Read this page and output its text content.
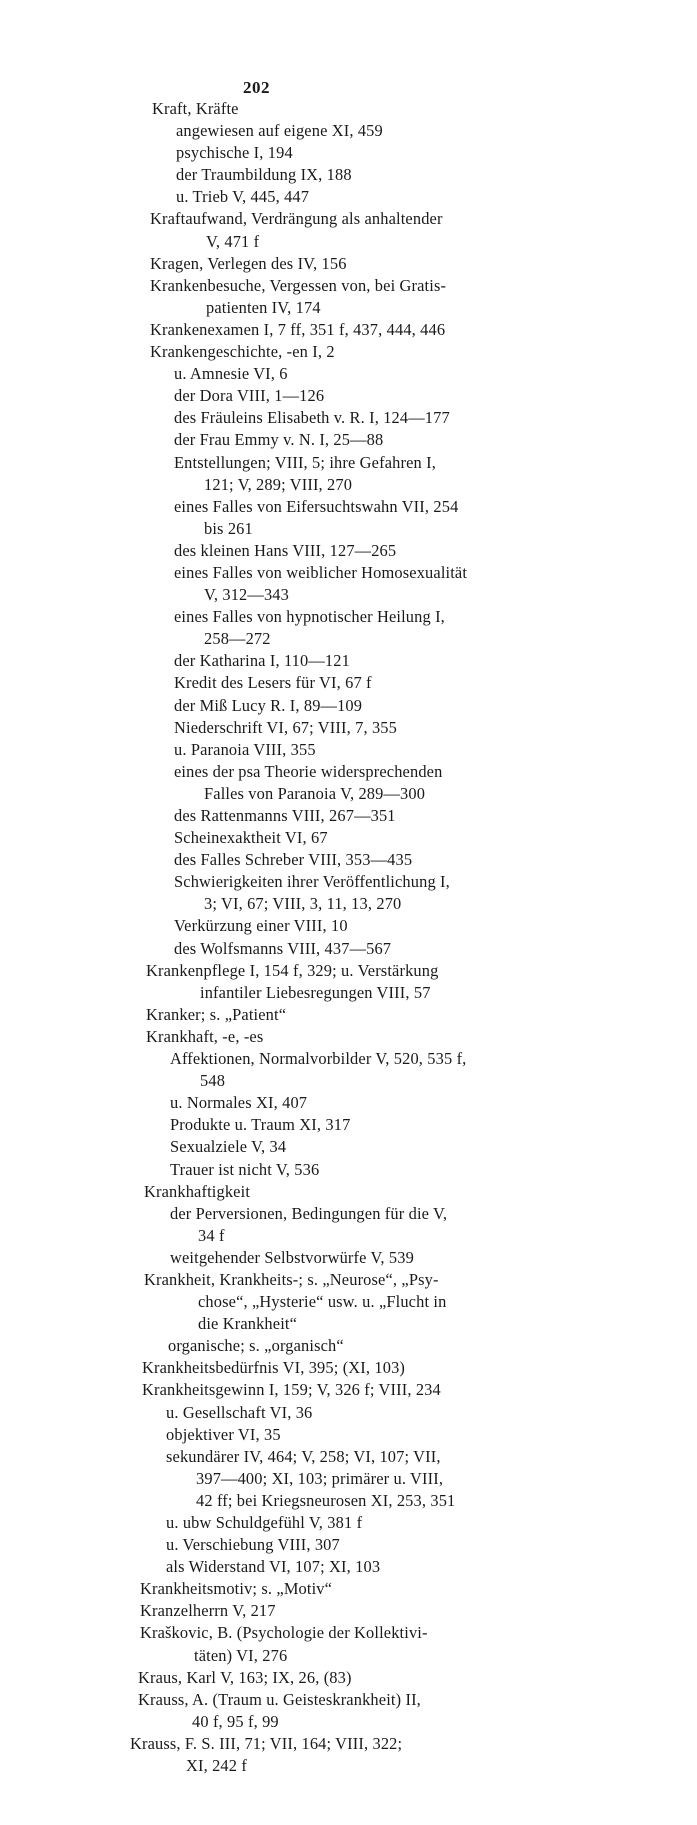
202
Kraft, Kräfte
angewiesen auf eigene XI, 459
psychische I, 194
der Traumbildung IX, 188
u. Trieb V, 445, 447
Kraftaufwand, Verdrängung als anhaltender
V, 471 f
Kragen, Verlegen des IV, 156
Krankenbesuche, Vergessen von, bei Gratis-
patienten IV, 174
Krankenexamen I, 7 ff, 351 f, 437, 444, 446
Krankengeschichte, -en I, 2
u. Amnesie VI, 6
der Dora VIII, 1—126
des Fräuleins Elisabeth v. R. I, 124—177
der Frau Emmy v. N. I, 25—88
Entstellungen; VIII, 5; ihre Gefahren I,
121; V, 289; VIII, 270
eines Falles von Eifersuchtswahn VII, 254
bis 261
des kleinen Hans VIII, 127—265
eines Falles von weiblicher Homosexualität
V, 312—343
eines Falles von hypnotischer Heilung I,
258—272
der Katharina I, 110—121
Kredit des Lesers für VI, 67 f
der Miß Lucy R. I, 89—109
Niederschrift VI, 67; VIII, 7, 355
u. Paranoia VIII, 355
eines der psa Theorie widersprechenden
Falles von Paranoia V, 289—300
des Rattenmanns VIII, 267—351
Scheinexaktheit VI, 67
des Falles Schreber VIII, 353—435
Schwierigkeiten ihrer Veröffentlichung I,
3; VI, 67; VIII, 3, 11, 13, 270
Verkürzung einer VIII, 10
des Wolfsmanns VIII, 437—567
Krankenpflege I, 154 f, 329; u. Verstärkung
infantiler Liebesregungen VIII, 57
Kranker; s. „Patient“
Krankhaft, -e, -es
Affektionen, Normalvorbilder V, 520, 535 f,
548
u. Normales XI, 407
Produkte u. Traum XI, 317
Sexualziele V, 34
Trauer ist nicht V, 536
Krankhaftigkeit
der Perversionen, Bedingungen für die V,
34 f
weitgehender Selbstvorwürfe V, 539
Krankheit, Krankheits-; s. „Neurose“, „Psy-
chose“, „Hysterie“ usw. u. „Flucht in
die Krankheit“
organische; s. „organisch“
Krankheitsbedürfnis VI, 395; (XI, 103)
Krankheitsgewinn I, 159; V, 326 f; VIII, 234
u. Gesellschaft VI, 36
objektiver VI, 35
sekundärer IV, 464; V, 258; VI, 107; VII,
397—400; XI, 103; primärer u. VIII,
42 ff; bei Kriegsneurosen XI, 253, 351
u. ubw Schuldgefühl V, 381 f
u. Verschiebung VIII, 307
als Widerstand VI, 107; XI, 103
Krankheitsmotiv; s. „Motiv“
Kranzelherrn V, 217
Kraškovic, B. (Psychologie der Kollektivi-
täten) VI, 276
Kraus, Karl V, 163; IX, 26, (83)
Krauss, A. (Traum u. Geisteskrankheit) II,
40 f, 95 f, 99
Krauss, F. S. III, 71; VII, 164; VIII, 322;
XI, 242 f
